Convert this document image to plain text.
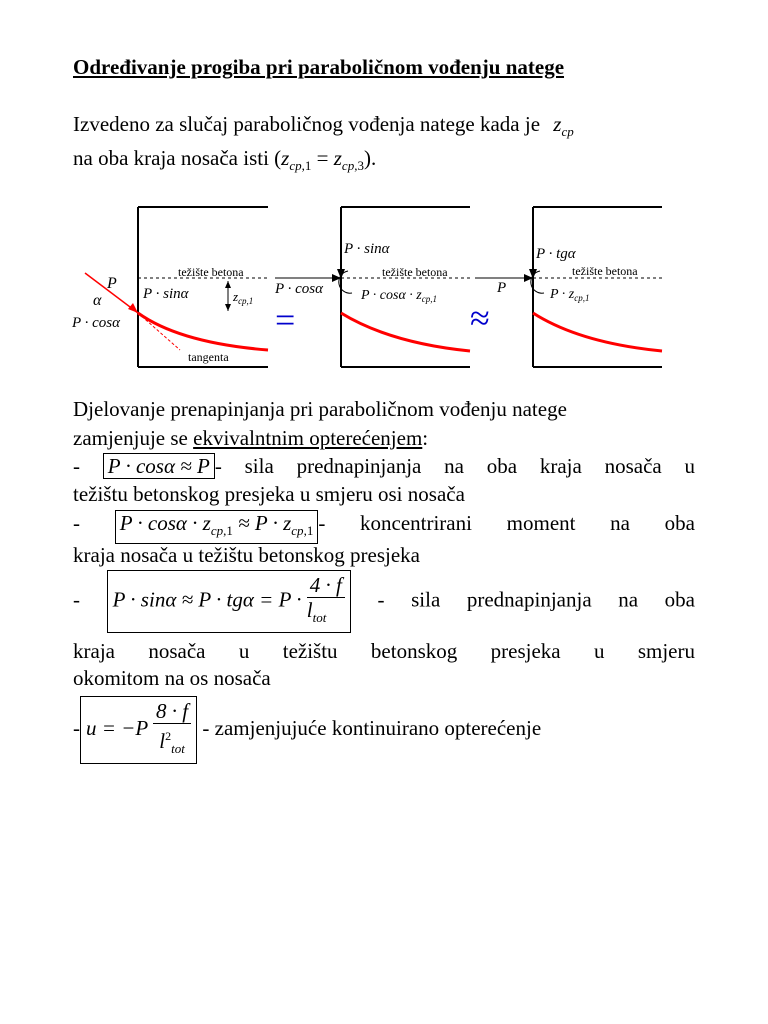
Određivanje progiba pri paraboličnom vođenju natege
Izvedeno za slučaj paraboličnog vođenja natege kada je $z_{cp}$
na oba kraja nosača isti $(z_{cp,1} = z_{cp,3})$.
P
α
P · cosα
P · sinα
težište betona
$z_{cp,1}$
tangenta
=
P · sinα
težište betona
P · cosα	$P \cdot \cos\alpha \cdot z_{cp,1}$ ≈
P · tgα
težište betona
P	$P \cdot z_{cp,1}$
Djelovanje prenapinjanja pri paraboličnom vođenju natege
zamjenjuje se ekvivalntnim opterećenjem:
- P · cosα ≈ P - sila prednapinjanja na oba kraja nosača u
težištu betonskog presjeka u smjeru osi nosača
- $P \cdot \cos\alpha \cdot z_{cp,1} \approx P \cdot z_{cp,1}$ - koncentrirani moment na oba
kraja nosača u težištu betonskog presjeka
- $P \cdot \sin\alpha \approx P \cdot tg\alpha = P \cdot \frac{4 \cdot f}{l_{tot}}$ - sila prednapinjanja na oba
kraja nosača u težištu betonskog presjeka u smjeru
okomitom na os nosača
- $u = -P \frac{8 \cdot f}{l^2_{tot}}$ - zamjenjujuće kontinuirano opterećenje
